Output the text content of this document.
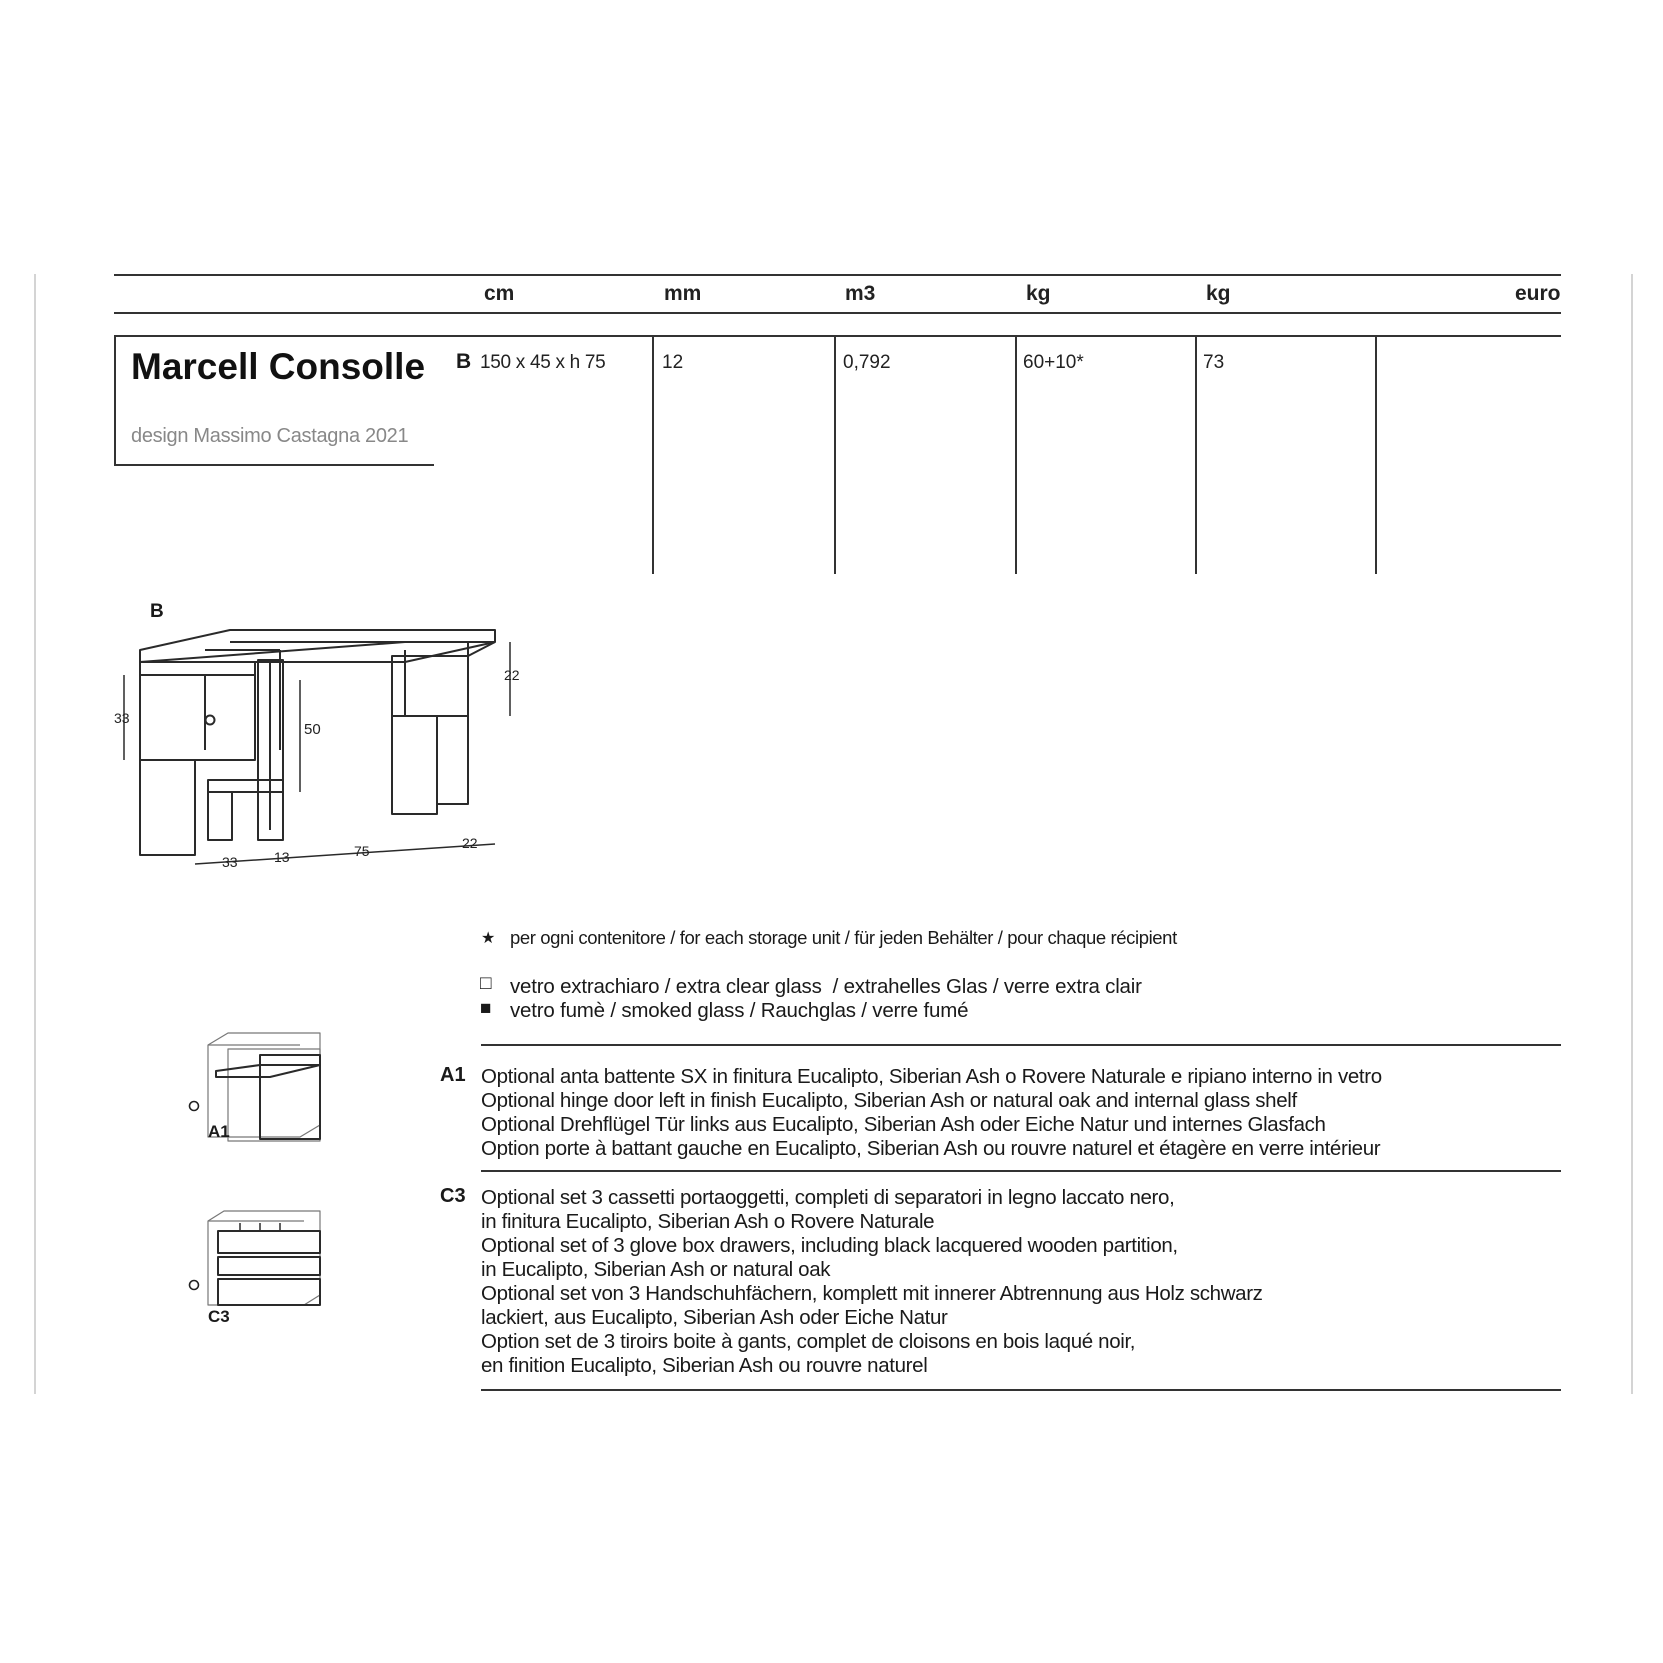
cm	mm	m3	kg	kg	euro
Marcell Consolle
design Massimo Castagna 2021
B 150 x 45 x h 75	12	0,792	60+10*	73
B
33
50
22
33	13	75	22
★ per ogni contenitore / for each storage unit / für jeden Behälter / pour chaque récipient
□ vetro extrachiaro / extra clear glass  / extrahelles Glas / verre extra clair
■ vetro fumè / smoked glass / Rauchglas / verre fumé
A1 Optional anta battente SX in finitura Eucalipto, Siberian Ash o Rovere Naturale e ripiano interno in vetro
Optional hinge door left in finish Eucalipto, Siberian Ash or natural oak and internal glass shelf
Optional Drehflügel Tür links aus Eucalipto, Siberian Ash oder Eiche Natur und internes Glasfach
Option porte à battant gauche en Eucalipto, Siberian Ash ou rouvre naturel et étagère en verre intérieur
A1
C3 Optional set 3 cassetti portaoggetti, completi di separatori in legno laccato nero,
in finitura Eucalipto, Siberian Ash o Rovere Naturale
Optional set of 3 glove box drawers, including black lacquered wooden partition,
in Eucalipto, Siberian Ash or natural oak
Optional set von 3 Handschuhfächern, komplett mit innerer Abtrennung aus Holz schwarz
lackiert, aus Eucalipto, Siberian Ash oder Eiche Natur
Option set de 3 tiroirs boite à gants, complet de cloisons en bois laqué noir,
en finition Eucalipto, Siberian Ash ou rouvre naturel
C3
